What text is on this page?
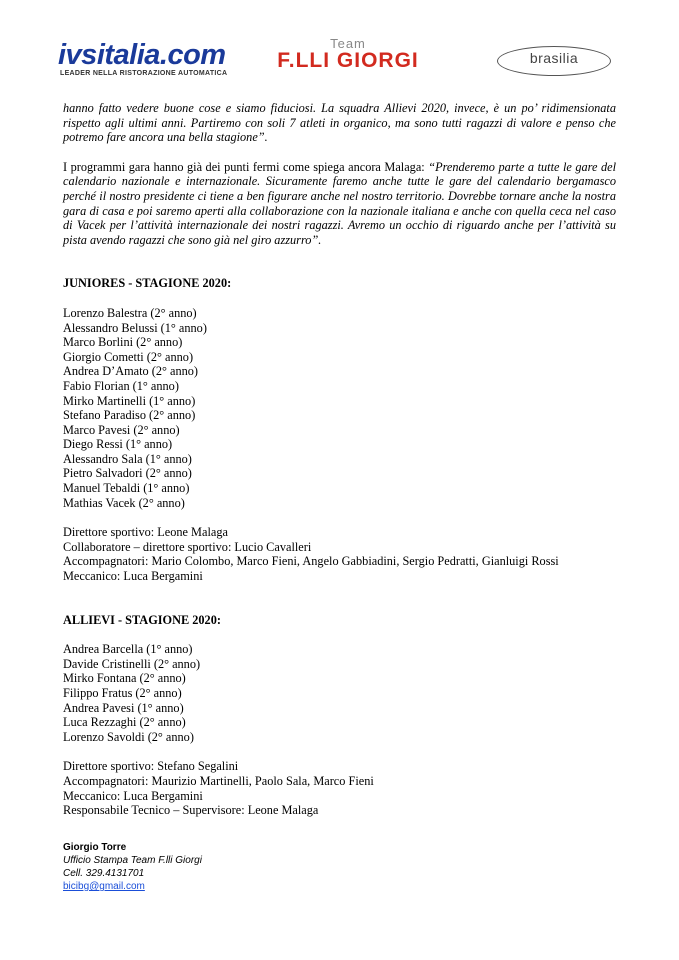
ivsitalia.com
LEADER NELLA RISTORAZIONE AUTOMATICA
Team
F.LLI GIORGI	brasilia

hanno fatto vedere buone cose e siamo fiduciosi. La squadra Allievi 2020, invece, è un po’ ridimensionata rispetto agli ultimi anni. Partiremo con soli 7 atleti in organico, ma sono tutti ragazzi di valore e penso che potremo fare ancora una bella stagione”.

I programmi gara hanno già dei punti fermi come spiega ancora Malaga: “Prenderemo parte a tutte le gare del calendario nazionale e internazionale. Sicuramente faremo anche tutte le gare del calendario bergamasco perché il nostro presidente ci tiene a ben figurare anche nel nostro territorio. Dovrebbe tornare anche la nostra gara di casa e poi saremo aperti alla collaborazione con la nazionale italiana e anche con quella ceca nel caso di Vacek per l’attività internazionale dei nostri ragazzi. Avremo un occhio di riguardo anche per l’attività su pista avendo ragazzi che sono già nel giro azzurro”.

JUNIORES - STAGIONE 2020:

Lorenzo Balestra (2° anno)
Alessandro Belussi (1° anno)
Marco Borlini (2° anno)
Giorgio Cometti (2° anno)
Andrea D’Amato (2° anno)
Fabio Florian (1° anno)
Mirko Martinelli (1° anno)
Stefano Paradiso (2° anno)
Marco Pavesi (2° anno)
Diego Ressi (1° anno)
Alessandro Sala (1° anno)
Pietro Salvadori (2° anno)
Manuel Tebaldi (1° anno)
Mathias Vacek (2° anno)
Direttore sportivo: Leone Malaga
Collaboratore – direttore sportivo: Lucio Cavalleri
Accompagnatori: Mario Colombo, Marco Fieni, Angelo Gabbiadini, Sergio Pedratti, Gianluigi Rossi
Meccanico: Luca Bergamini

ALLIEVI - STAGIONE 2020:

Andrea Barcella (1° anno)
Davide Cristinelli (2° anno)
Mirko Fontana (2° anno)
Filippo Fratus (2° anno)
Andrea Pavesi (1° anno)
Luca Rezzaghi (2° anno)
Lorenzo Savoldi (2° anno)
Direttore sportivo: Stefano Segalini
Accompagnatori: Maurizio Martinelli, Paolo Sala, Marco Fieni
Meccanico: Luca Bergamini
Responsabile Tecnico – Supervisore: Leone Malaga
Giorgio Torre
Ufficio Stampa Team F.lli Giorgi
Cell. 329.4131701
bicibg@gmail.com
